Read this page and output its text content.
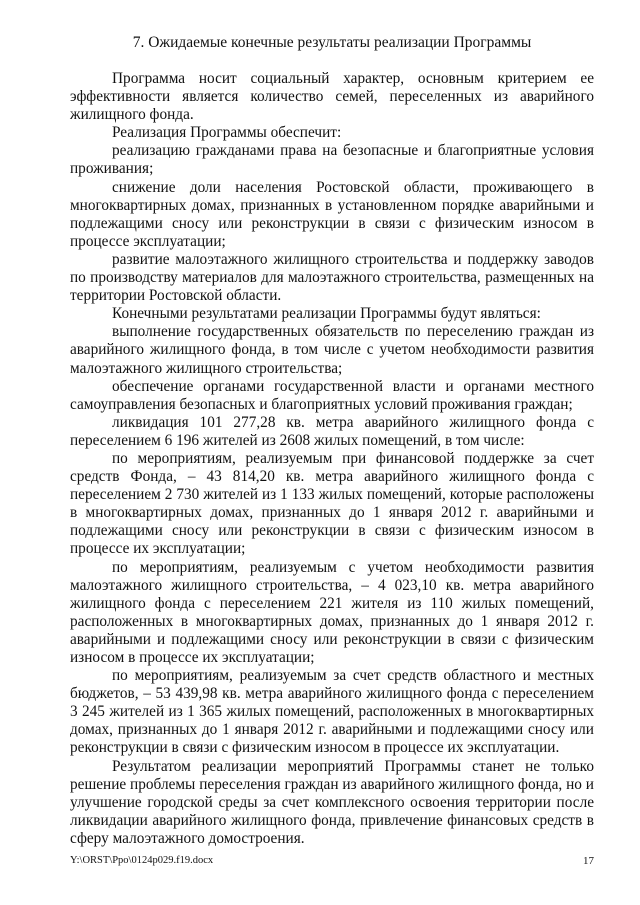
7. Ожидаемые конечные результаты реализации Программы

Программа носит социальный характер, основным критерием ее эффективности является количество семей, переселенных из аварийного жилищного фонда.

Реализация Программы обеспечит:

реализацию гражданами права на безопасные и благоприятные условия проживания;

снижение доли населения Ростовской области, проживающего в многоквартирных домах, признанных в установленном порядке аварийными и подлежащими сносу или реконструкции в связи с физическим износом в процессе эксплуатации;

развитие малоэтажного жилищного строительства и поддержку заводов по производству материалов для малоэтажного строительства, размещенных на территории Ростовской области.

Конечными результатами реализации Программы будут являться:

выполнение государственных обязательств по переселению граждан из аварийного жилищного фонда, в том числе с учетом необходимости развития малоэтажного жилищного строительства;

обеспечение органами государственной власти и органами местного самоуправления безопасных и благоприятных условий проживания граждан;

ликвидация 101 277,28 кв. метра аварийного жилищного фонда с переселением 6 196 жителей из 2608 жилых помещений, в том числе:

по мероприятиям, реализуемым при финансовой поддержке за счет средств Фонда, – 43 814,20 кв. метра аварийного жилищного фонда с переселением 2 730 жителей из 1 133 жилых помещений, которые расположены в многоквартирных домах, признанных до 1 января 2012 г. аварийными и подлежащими сносу или реконструкции в связи с физическим износом в процессе их эксплуатации;

по мероприятиям, реализуемым с учетом необходимости развития малоэтажного жилищного строительства, – 4 023,10 кв. метра аварийного жилищного фонда с переселением 221 жителя из 110 жилых помещений, расположенных в многоквартирных домах, признанных до 1 января 2012 г. аварийными и подлежащими сносу или реконструкции в связи с физическим износом в процессе их эксплуатации;

по мероприятиям, реализуемым за счет средств областного и местных бюджетов, – 53 439,98 кв. метра аварийного жилищного фонда с переселением 3 245 жителей из 1 365 жилых помещений, расположенных в многоквартирных домах, признанных до 1 января 2012 г. аварийными и подлежащими сносу или реконструкции в связи с физическим износом в процессе их эксплуатации.

Результатом реализации мероприятий Программы станет не только решение проблемы переселения граждан из аварийного жилищного фонда, но и улучшение городской среды за счет комплексного освоения территории после ликвидации аварийного жилищного фонда, привлечение финансовых средств в сферу малоэтажного домостроения.

Y:\ORST\Ppo\0124p029.f19.docx	17
